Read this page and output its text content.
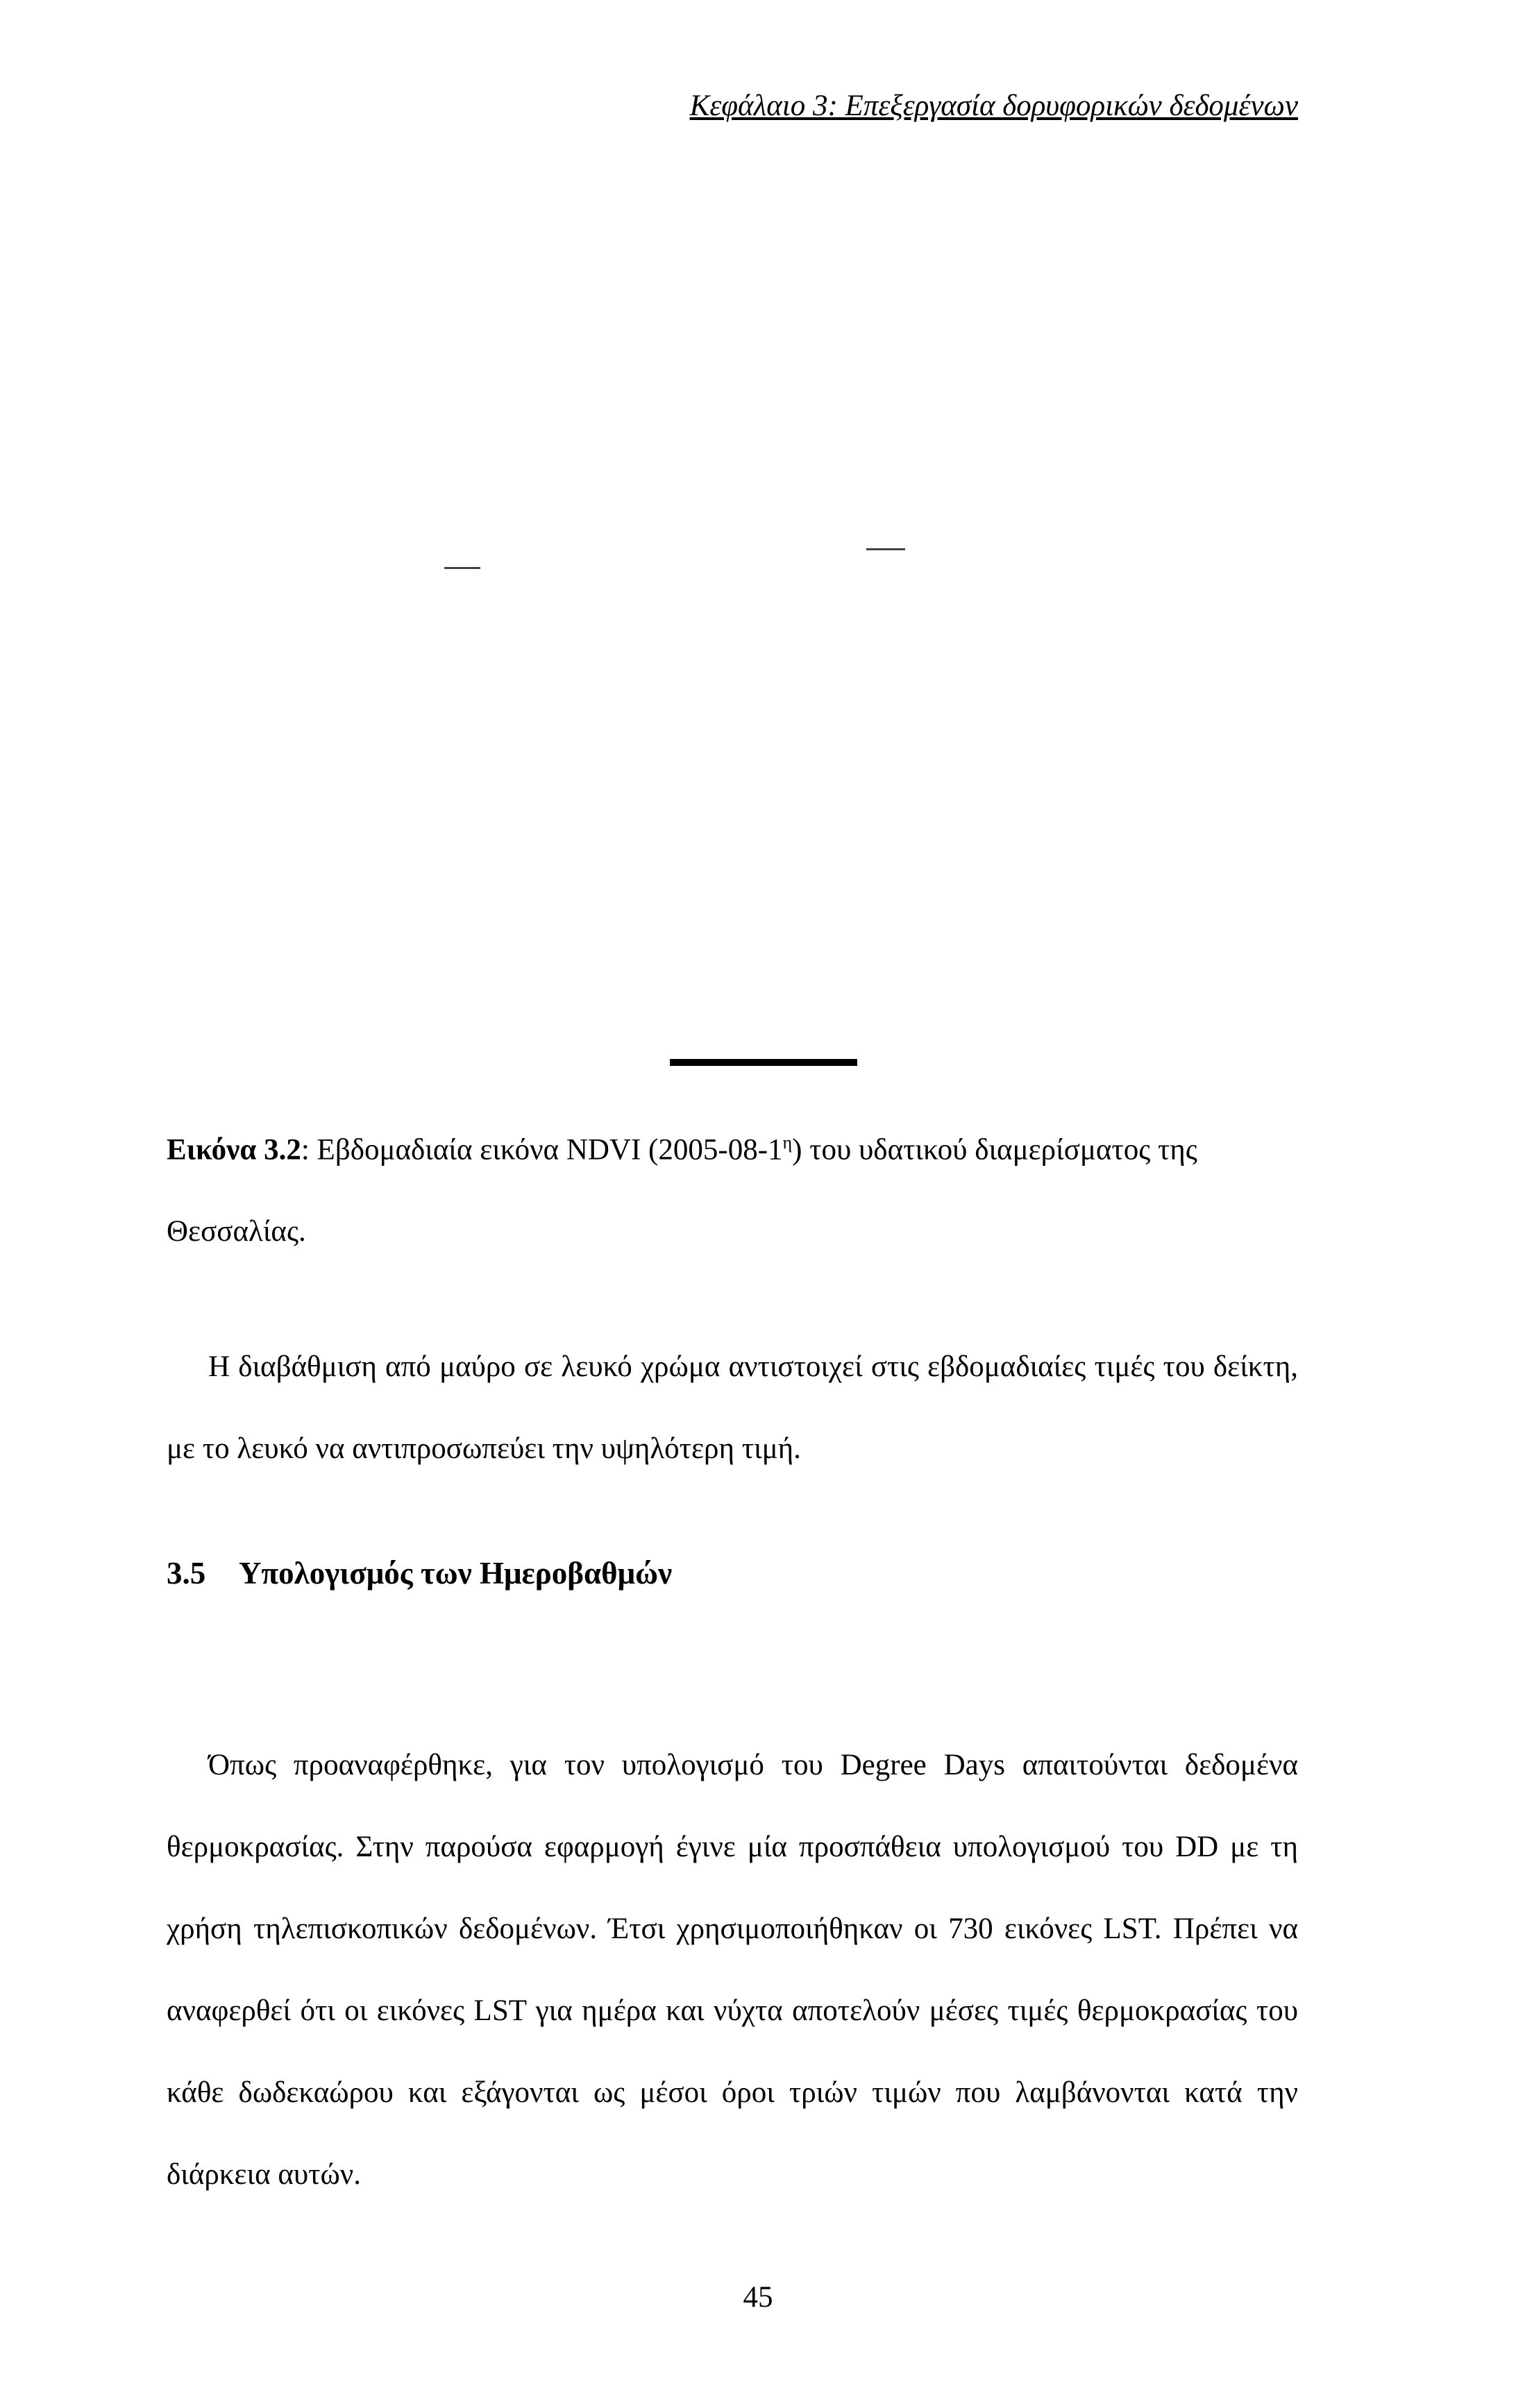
Κεφάλαιο 3: Επεξεργασία δορυφορικών δεδομένων
Εικόνα 3.2: Εβδομαδιαία εικόνα NDVI $(2005-08-1^\eta)$ του υδατικού διαμερίσματος της Θεσσαλίας.
Η διαβάθμιση από μαύρο σε λευκό χρώμα αντιστοιχεί στις εβδομαδιαίες τιμές του δείκτη, με το λευκό να αντιπροσωπεύει την υψηλότερη τιμή.
3.5 Υπολογισμός των Ημεροβαθμών
Όπως προαναφέρθηκε, για τον υπολογισμό του Degree Days απαιτούνται δεδομένα θερμοκρασίας. Στην παρούσα εφαρμογή έγινε μία προσπάθεια υπολογισμού του DD με τη χρήση τηλεπισκοπικών δεδομένων. Έτσι χρησιμοποιήθηκαν οι 730 εικόνες LST. Πρέπει να αναφερθεί ότι οι εικόνες LST για ημέρα και νύχτα αποτελούν μέσες τιμές θερμοκρασίας του κάθε δωδεκαώρου και εξάγονται ως μέσοι όροι τριών τιμών που λαμβάνονται κατά την διάρκεια αυτών.
45
